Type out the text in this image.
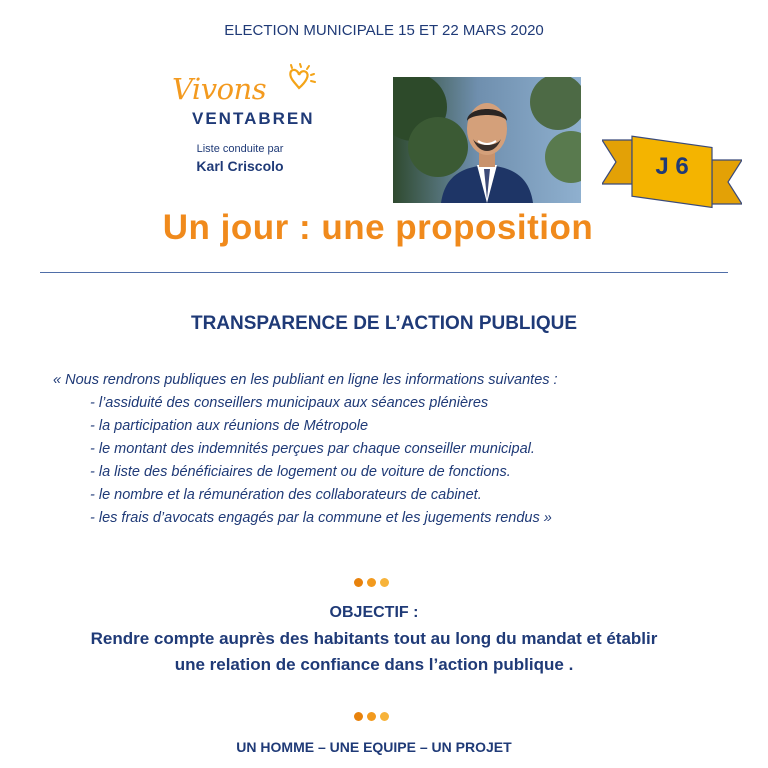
ELECTION MUNICIPALE 15 ET 22 MARS 2020
Vivons
VENTABREN
Liste conduite par
Karl Criscolo	J 6
Un jour : une proposition
TRANSPARENCE DE L’ACTION PUBLIQUE
« Nous rendrons publiques en les publiant en ligne les informations suivantes :
- l’assiduité des conseillers municipaux aux séances plénières
- la participation aux réunions de Métropole
- le montant des indemnités perçues par chaque conseiller municipal.
- la liste des bénéficiaires de logement ou de voiture de fonctions.
- le nombre et la rémunération des collaborateurs de cabinet.
- les frais d’avocats engagés par la commune et les jugements rendus »
OBJECTIF :
Rendre compte auprès des habitants tout au long du mandat et établir
une relation de confiance dans l’action publique .
UN HOMME – UNE EQUIPE – UN PROJET
